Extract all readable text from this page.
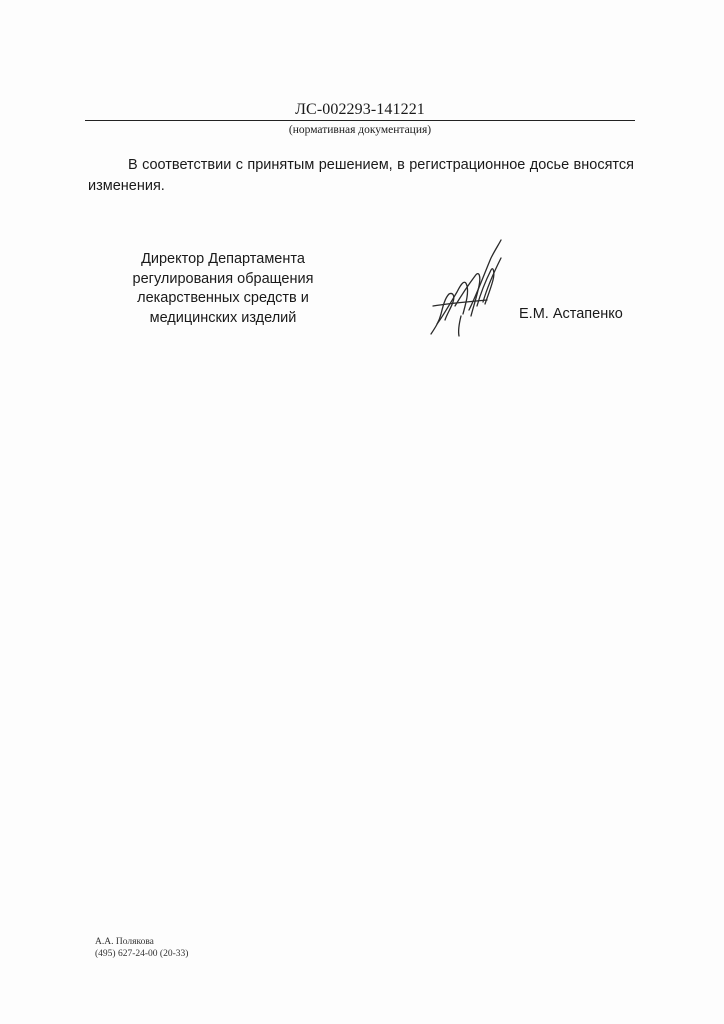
ЛС-002293-141221
(нормативная документация)
В соответствии с принятым решением, в регистрационное досье вносятся изменения.
Директор Департамента
регулирования обращения
лекарственных средств и
медицинских изделий	Е.М. Астапенко
А.А. Полякова
(495) 627-24-00 (20-33)
